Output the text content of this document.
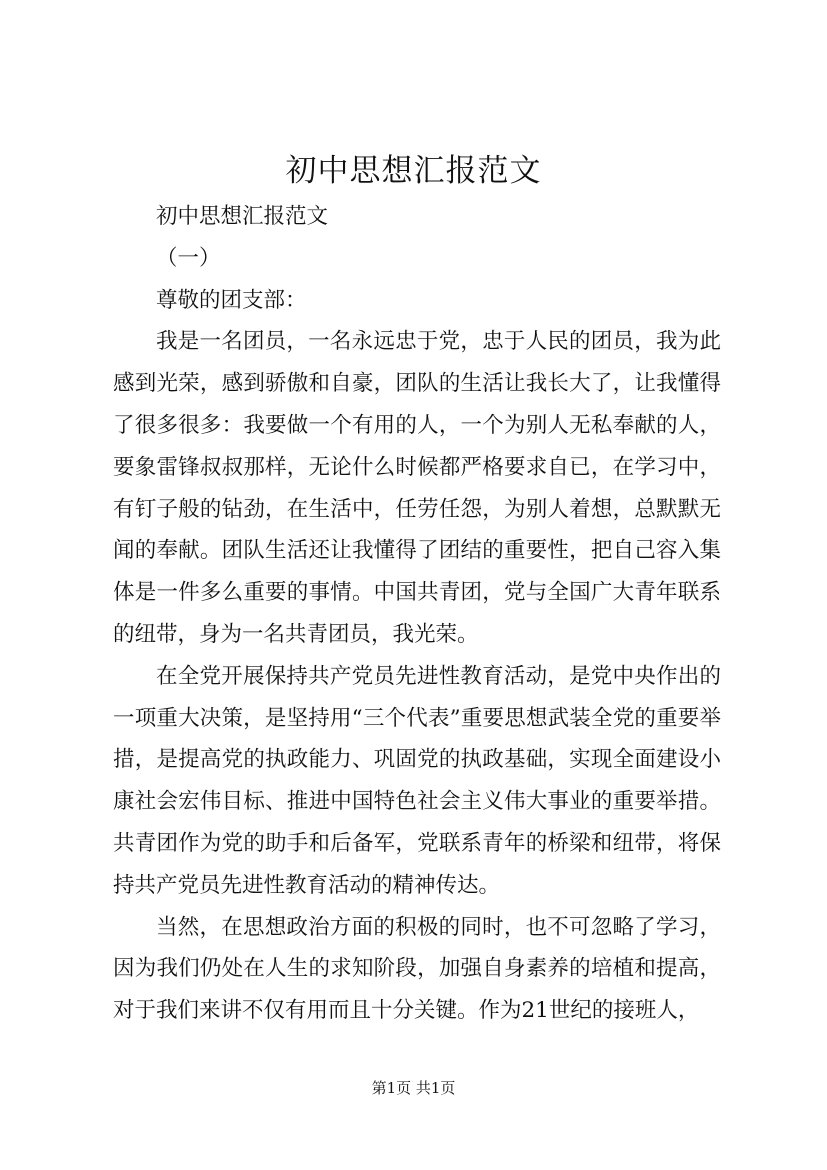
初中思想汇报范文

初中思想汇报范文

（一）

尊敬的团支部：

我是一名团员，一名永远忠于党，忠于人民的团员，我为此感到光荣，感到骄傲和自豪，团队的生活让我长大了，让我懂得了很多很多：我要做一个有用的人，一个为别人无私奉献的人，要象雷锋叔叔那样，无论什么时候都严格要求自已，在学习中，有钉子般的钻劲，在生活中，任劳任怨，为别人着想，总默默无闻的奉献。团队生活还让我懂得了团结的重要性，把自己容入集体是一件多么重要的事情。中国共青团，党与全国广大青年联系的纽带，身为一名共青团员，我光荣。

在全党开展保持共产党员先进性教育活动，是党中央作出的一项重大决策，是坚持用“三个代表”重要思想武装全党的重要举措，是提高党的执政能力、巩固党的执政基础，实现全面建设小康社会宏伟目标、推进中国特色社会主义伟大事业的重要举措。共青团作为党的助手和后备军，党联系青年的桥梁和纽带，将保持共产党员先进性教育活动的精神传达。

当然，在思想政治方面的积极的同时，也不可忽略了学习，因为我们仍处在人生的求知阶段，加强自身素养的培植和提高，对于我们来讲不仅有用而且十分关键。作为21世纪的接班人，

第1页 共1页
